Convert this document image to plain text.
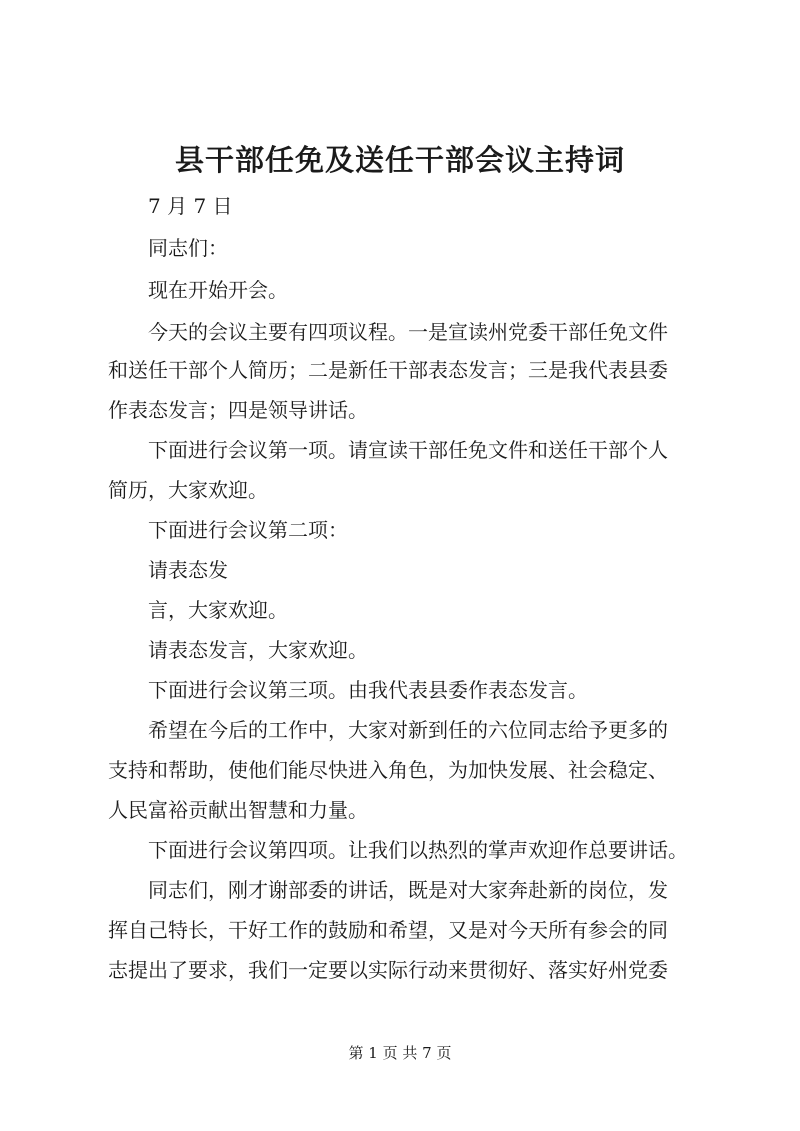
县干部任免及送任干部会议主持词

7 月 7 日

同志们：

现在开始开会。

今天的会议主要有四项议程。一是宣读州党委干部任免文件

和送任干部个人简历；二是新任干部表态发言；三是我代表县委

作表态发言；四是领导讲话。

下面进行会议第一项。请宣读干部任免文件和送任干部个人

简历，大家欢迎。

下面进行会议第二项：

请表态发

言，大家欢迎。

请表态发言，大家欢迎。

下面进行会议第三项。由我代表县委作表态发言。

希望在今后的工作中，大家对新到任的六位同志给予更多的

支持和帮助，使他们能尽快进入角色，为加快发展、社会稳定、

人民富裕贡献出智慧和力量。

下面进行会议第四项。让我们以热烈的掌声欢迎作总要讲话。

同志们，刚才谢部委的讲话，既是对大家奔赴新的岗位，发

挥自己特长，干好工作的鼓励和希望，又是对今天所有参会的同

志提出了要求，我们一定要以实际行动来贯彻好、落实好州党委

第 1 页 共 7 页
